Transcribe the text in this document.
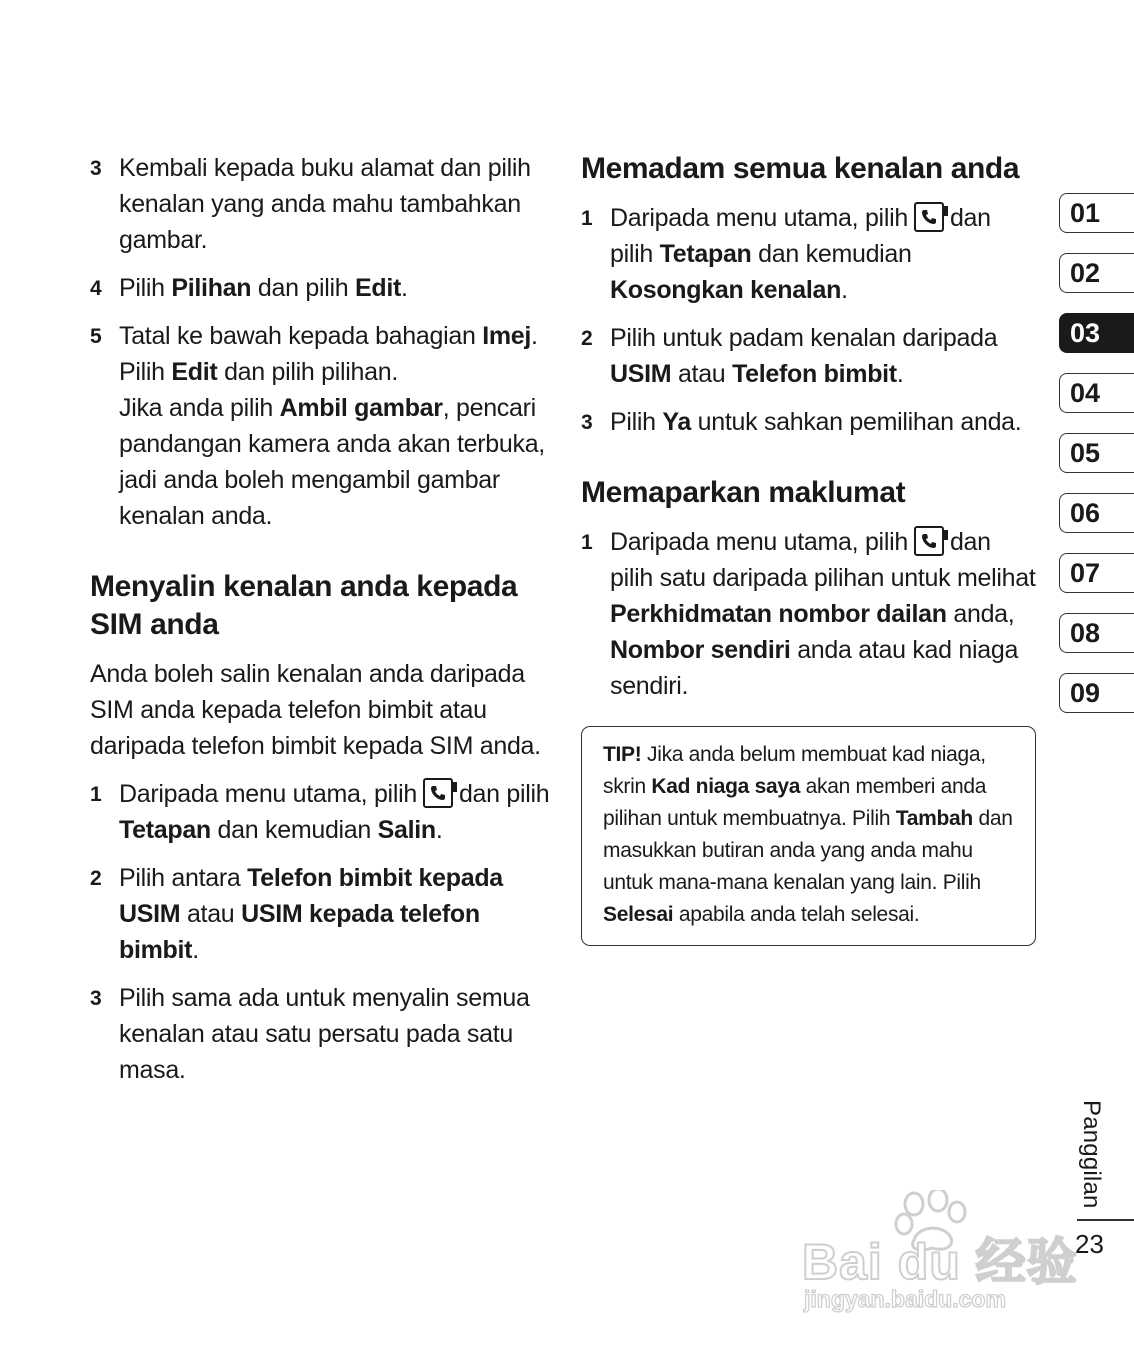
3 Kembali kepada buku alamat dan pilih kenalan yang anda mahu tambahkan gambar.
4 Pilih Pilihan dan pilih Edit.
5 Tatal ke bawah kepada bahagian Imej.
Pilih Edit dan pilih pilihan.
Jika anda pilih Ambil gambar, pencari pandangan kamera anda akan terbuka, jadi anda boleh mengambil gambar kenalan anda.
Menyalin kenalan anda kepada SIM anda
Anda boleh salin kenalan anda daripada SIM anda kepada telefon bimbit atau daripada telefon bimbit kepada SIM anda.
1 Daripada menu utama, pilih dan pilih Tetapan dan kemudian Salin.
2 Pilih antara Telefon bimbit kepada USIM atau USIM kepada telefon bimbit.
3 Pilih sama ada untuk menyalin semua kenalan atau satu persatu pada satu masa.
Memadam semua kenalan anda
1 Daripada menu utama, pilih dan pilih Tetapan dan kemudian Kosongkan kenalan.
2 Pilih untuk padam kenalan daripada USIM atau Telefon bimbit.
3 Pilih Ya untuk sahkan pemilihan anda.
Memaparkan maklumat
1 Daripada menu utama, pilih dan pilih satu daripada pilihan untuk melihat Perkhidmatan nombor dailan anda, Nombor sendiri anda atau kad niaga sendiri.
TIP! Jika anda belum membuat kad niaga, skrin Kad niaga saya akan memberi anda pilihan untuk membuatnya. Pilih Tambah dan masukkan butiran anda yang anda mahu untuk mana-mana kenalan yang lain. Pilih Selesai apabila anda telah selesai.
01
02
03
04
05
06
07
08
09
Panggilan
23
Bai du 经验
jingyan.baidu.com
